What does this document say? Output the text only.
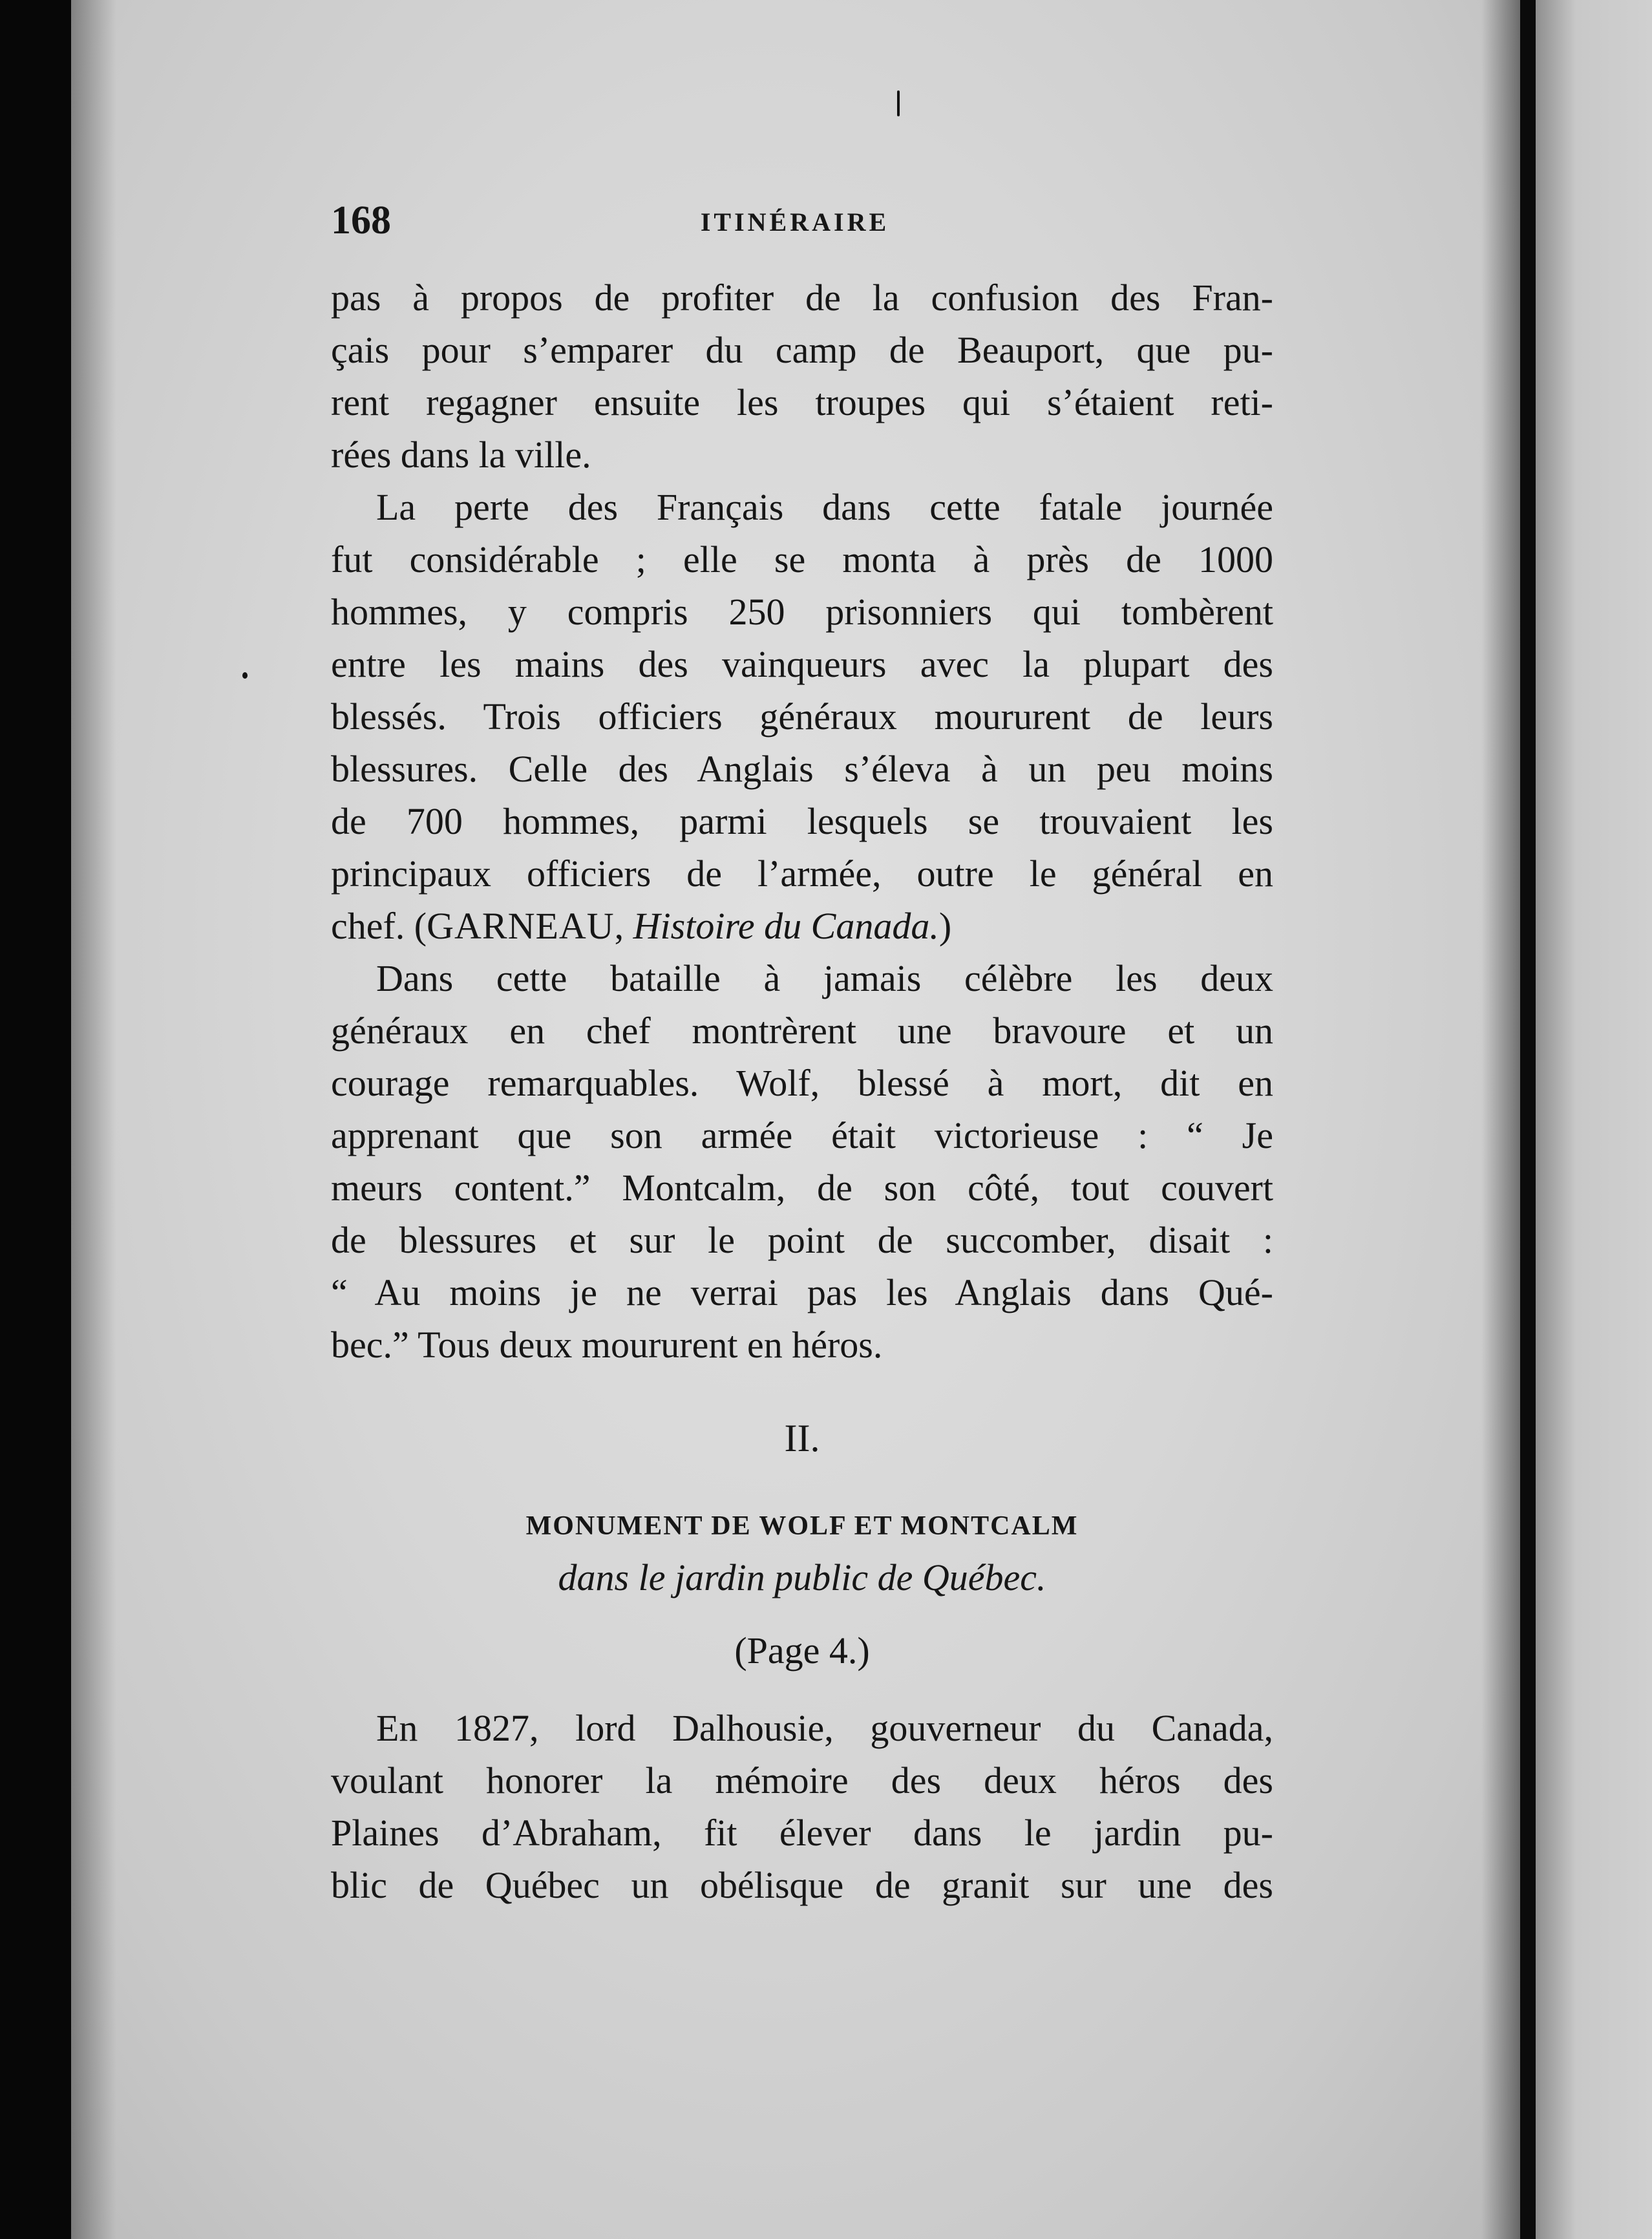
168	ITINÉRAIRE
pas à propos de profiter de la confusion des Fran-
çais pour s’emparer du camp de Beauport, que pu-
rent regagner ensuite les troupes qui s’étaient reti-
rées dans la ville.
La perte des Français dans cette fatale journée
fut considérable ; elle se monta à près de 1000
hommes, y compris 250 prisonniers qui tombèrent
entre les mains des vainqueurs avec la plupart des
blessés. Trois officiers généraux moururent de leurs
blessures. Celle des Anglais s’éleva à un peu moins
de 700 hommes, parmi lesquels se trouvaient les
principaux officiers de l’armée, outre le général en
chef. (GARNEAU, Histoire du Canada.)
Dans cette bataille à jamais célèbre les deux
généraux en chef montrèrent une bravoure et un
courage remarquables. Wolf, blessé à mort, dit en
apprenant que son armée était victorieuse : “ Je
meurs content.” Montcalm, de son côté, tout couvert
de blessures et sur le point de succomber, disait :
“ Au moins je ne verrai pas les Anglais dans Qué-
bec.” Tous deux moururent en héros.
II.
MONUMENT DE WOLF ET MONTCALM
dans le jardin public de Québec.
(Page 4.)
En 1827, lord Dalhousie, gouverneur du Canada,
voulant honorer la mémoire des deux héros des
Plaines d’Abraham, fit élever dans le jardin pu-
blic de Québec un obélisque de granit sur une des
